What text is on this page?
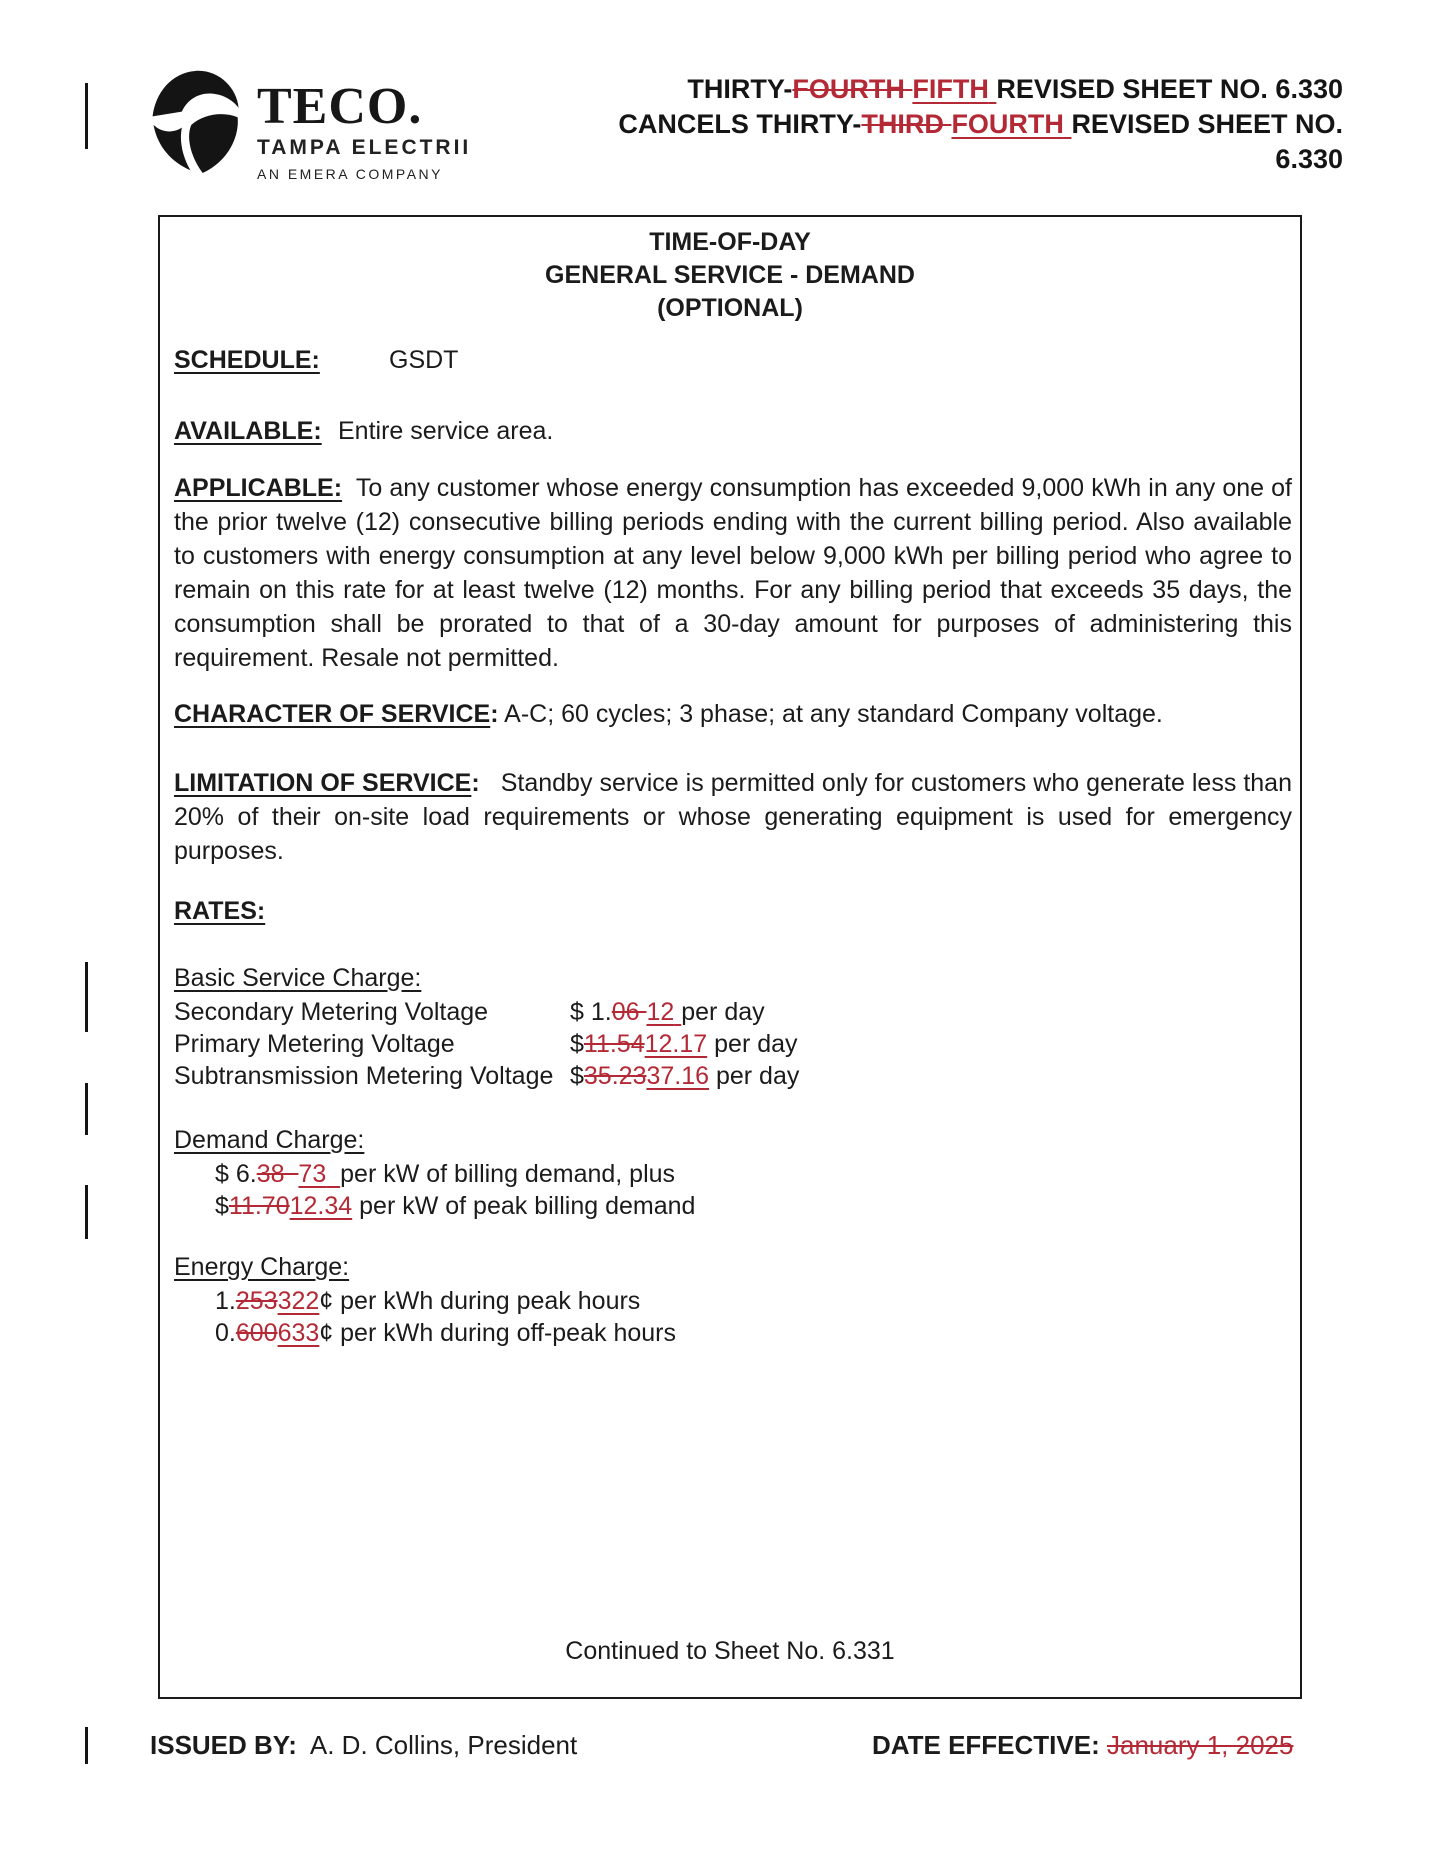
TECO.
TAMPA ELECTRII
AN EMERA COMPANY
THIRTY-FOURTH FIFTH REVISED SHEET NO. 6.330
CANCELS THIRTY-THIRD FOURTH REVISED SHEET NO.
6.330
TIME-OF-DAY
GENERAL SERVICE - DEMAND
(OPTIONAL)
SCHEDULE:	GSDT
AVAILABLE: Entire service area.
APPLICABLE: To any customer whose energy consumption has exceeded 9,000 kWh in any one of the prior twelve (12) consecutive billing periods ending with the current billing period. Also available to customers with energy consumption at any level below 9,000 kWh per billing period who agree to remain on this rate for at least twelve (12) months. For any billing period that exceeds 35 days, the consumption shall be prorated to that of a 30-day amount for purposes of administering this requirement. Resale not permitted.
CHARACTER OF SERVICE: A-C; 60 cycles; 3 phase; at any standard Company voltage.
LIMITATION OF SERVICE: Standby service is permitted only for customers who generate less than 20% of their on-site load requirements or whose generating equipment is used for emergency purposes.
RATES:
Basic Service Charge:
Secondary Metering Voltage	$ 1.06 12 per day
Primary Metering Voltage	$11.5412.17 per day
Subtransmission Metering Voltage $35.2337.16 per day
Demand Charge:
$ 6.38 73 per kW of billing demand, plus
$11.7012.34 per kW of peak billing demand
Energy Charge:
1.253322¢ per kWh during peak hours
0.600633¢ per kWh during off-peak hours
Continued to Sheet No. 6.331
ISSUED BY: A. D. Collins, President	DATE EFFECTIVE: January 1, 2025
